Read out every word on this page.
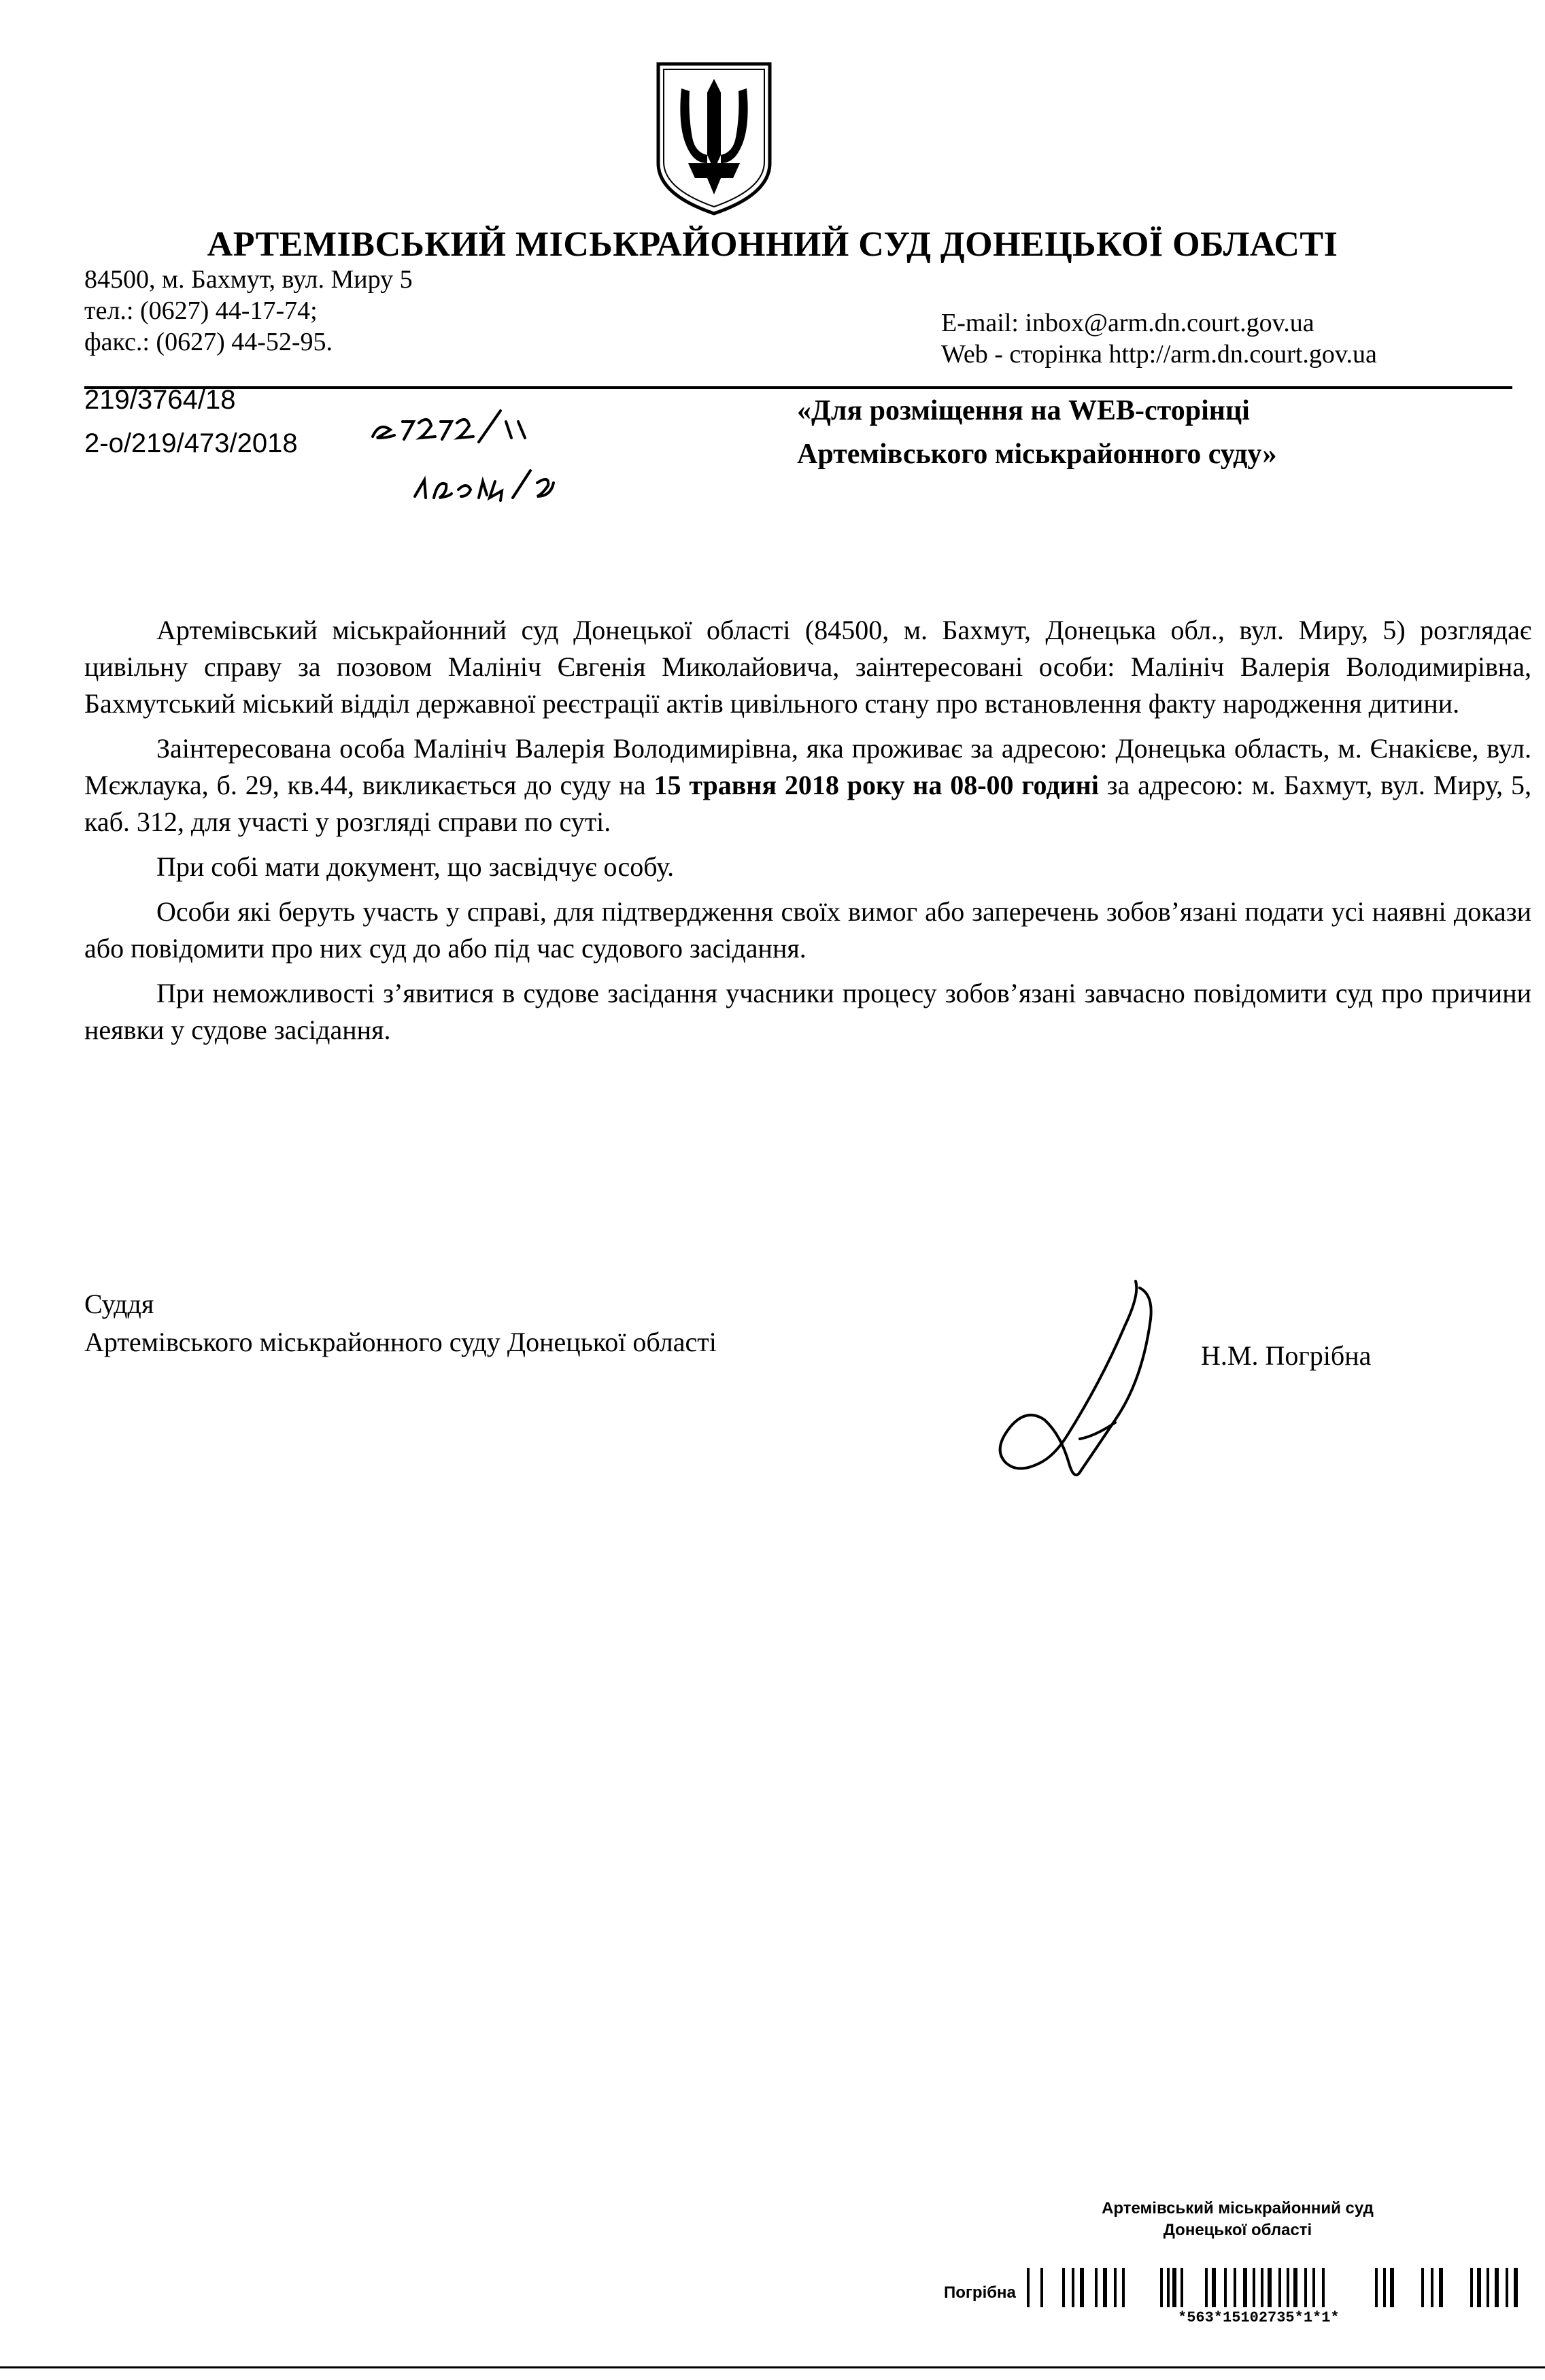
АРТЕМІВСЬКИЙ МІСЬКРАЙОННИЙ СУД ДОНЕЦЬКОЇ ОБЛАСТІ
84500, м. Бахмут, вул. Миру 5
тел.: (0627) 44-17-74;
факс.: (0627) 44-52-95.
E-mail: inbox@arm.dn.court.gov.ua
Web - сторінка http://arm.dn.court.gov.ua
219/3764/18
2-о/219/473/2018
«Для розміщення на WEB-сторінці
Артемівського міськрайонного суду»

Артемівський міськрайонний суд Донецької області (84500, м. Бахмут, Донецька обл., вул. Миру, 5) розглядає цивільну справу за позовом Малініч Євгенія Миколайовича, заінтересовані особи: Малініч Валерія Володимирівна, Бахмутський міський відділ державної реєстрації актів цивільного стану про встановлення факту народження дитини.

Заінтересована особа Малініч Валерія Володимирівна, яка проживає за адресою: Донецька область, м. Єнакієве, вул. Мєжлаука, б. 29, кв.44, викликається до суду на 15 травня 2018 року на 08-00 годині за адресою: м. Бахмут, вул. Миру, 5, каб. 312, для участі у розгляді справи по суті.

При собі мати документ, що засвідчує особу.

Особи які беруть участь у справі, для підтвердження своїх вимог або заперечень зобов’язані подати усі наявні докази або повідомити про них суд до або під час судового засідання.

При неможливості з’явитися в судове засідання учасники процесу зобов’язані завчасно повідомити суд про причини неявки у судове засідання.

Суддя
Артемівського міськрайонного суду Донецької області	Н.М. Погрібна
Артемівський міськрайонний суд
Донецької області
Погрібна
*563*15102735*1*1*
